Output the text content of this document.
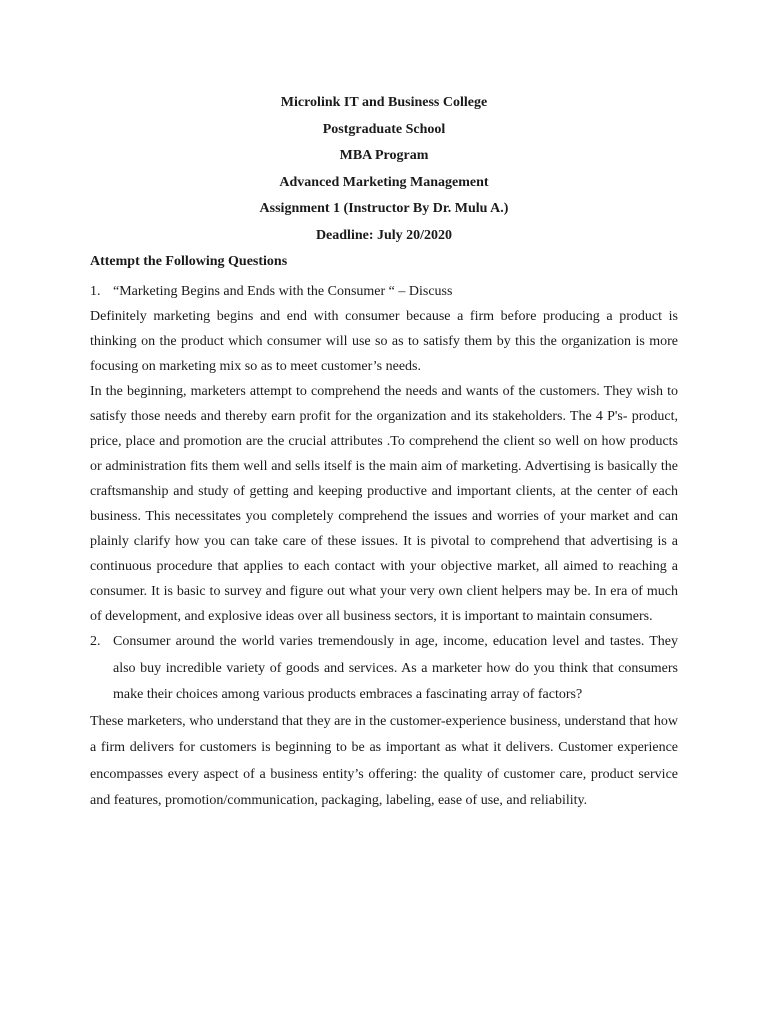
Microlink IT and Business College

Postgraduate School

MBA Program

Advanced Marketing Management

Assignment 1 (Instructor By Dr. Mulu A.)

Deadline: July 20/2020

Attempt the Following Questions

1. “Marketing Begins and Ends with the Consumer “ – Discuss

Definitely marketing begins and end with consumer because a firm before producing a product is thinking on the product which consumer will use so as to satisfy them by this the organization is more focusing on marketing mix so as to meet customer’s needs.

In the beginning, marketers attempt to comprehend the needs and wants of the customers. They wish to satisfy those needs and thereby earn profit for the organization and its stakeholders. The 4 P's- product, price, place and promotion are the crucial attributes .To comprehend the client so well on how products or administration fits them well and sells itself is the main aim of marketing. Advertising is basically the craftsmanship and study of getting and keeping productive and important clients, at the center of each business. This necessitates you completely comprehend the issues and worries of your market and can plainly clarify how you can take care of these issues. It is pivotal to comprehend that advertising is a continuous procedure that applies to each contact with your objective market, all aimed to reaching a consumer. It is basic to survey and figure out what your very own client helpers may be. In era of much of development, and explosive ideas over all business sectors, it is important to maintain consumers.

2. Consumer around the world varies tremendously in age, income, education level and tastes. They also buy incredible variety of goods and services. As a marketer how do you think that consumers make their choices among various products embraces a fascinating array of factors?

These marketers, who understand that they are in the customer-experience business, understand that how a firm delivers for customers is beginning to be as important as what it delivers. Customer experience encompasses every aspect of a business entity’s offering: the quality of customer care, product service and features, promotion/communication, packaging, labeling, ease of use, and reliability.
